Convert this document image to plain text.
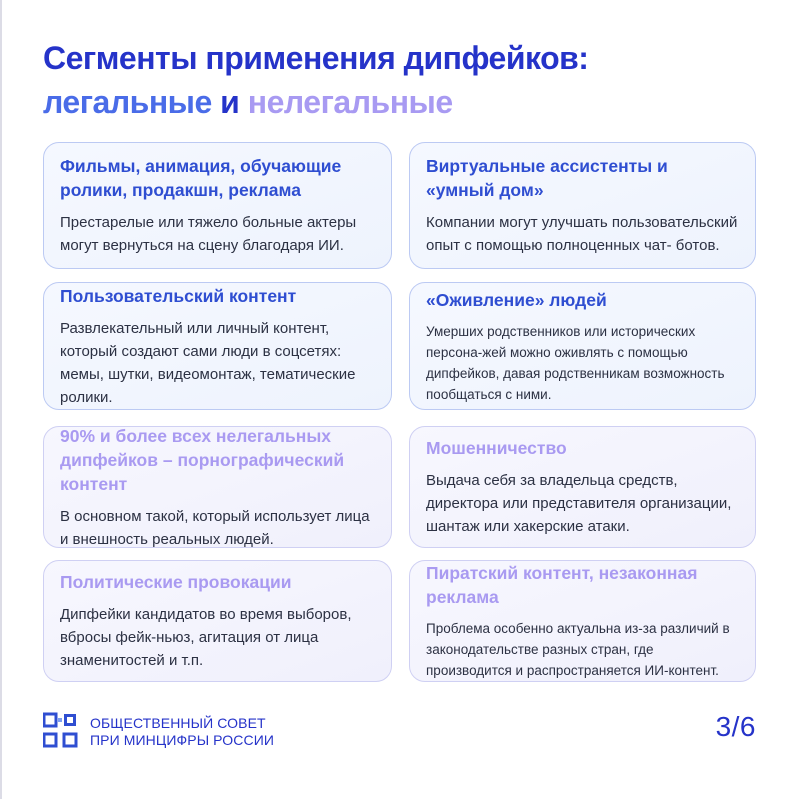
Сегменты применения дипфейков:
легальные и нелегальные

Фильмы, анимация, обучающие ролики, продакшн, реклама

Престарелые или тяжело больные актеры могут вернуться на сцену благодаря ИИ.

Виртуальные ассистенты и «умный дом»

Компании могут улучшать пользовательский опыт с помощью полноценных чат- ботов.

Пользовательский контент

Развлекательный или личный контент, который создают сами люди в соцсетях: мемы, шутки, видеомонтаж, тематические ролики.

«Оживление» людей

Умерших родственников или исторических персона-жей можно оживлять с помощью дипфейков, давая родственникам возможность пообщаться с ними.

90% и более всех нелегальных дипфейков – порнографический контент

В основном такой, который использует лица и внешность реальных людей.

Мошенничество

Выдача себя за владельца средств, директора или представителя организации, шантаж или хакерские атаки.

Политические провокации

Дипфейки кандидатов во время выборов, вбросы фейк-ньюз, агитация от лица знаменитостей и т.п.

Пиратский контент, незаконная реклама

Проблема особенно актуальна из-за различий в законодательстве разных стран, где производится и распространяется ИИ-контент.

ОБЩЕСТВЕННЫЙ СОВЕТ
ПРИ МИНЦИФРЫ РОССИИ	3/6
